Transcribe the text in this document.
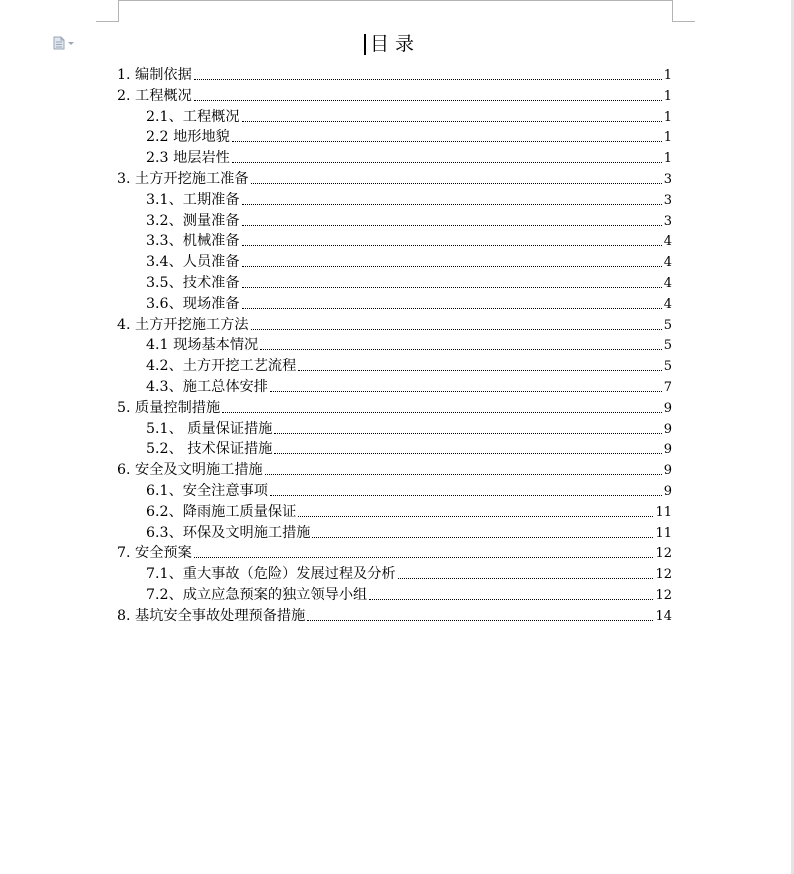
目 录
1. 编制依据	1
2. 工程概况	1
2.1、工程概况	1
2.2 地形地貌	1
2.3 地层岩性	1
3. 土方开挖施工准备	3
3.1、工期准备	3
3.2、测量准备	3
3.3、机械准备	4
3.4、人员准备	4
3.5、技术准备	4
3.6、现场准备	4
4. 土方开挖施工方法	5
4.1 现场基本情况	5
4.2、土方开挖工艺流程	5
4.3、施工总体安排	7
5. 质量控制措施	9
5.1、 质量保证措施	9
5.2、 技术保证措施	9
6. 安全及文明施工措施	9
6.1、安全注意事项	9
6.2、降雨施工质量保证	11
6.3、环保及文明施工措施	11
7. 安全预案	12
7.1、重大事故（危险）发展过程及分析	12
7.2、成立应急预案的独立领导小组	12
8. 基坑安全事故处理预备措施	14
